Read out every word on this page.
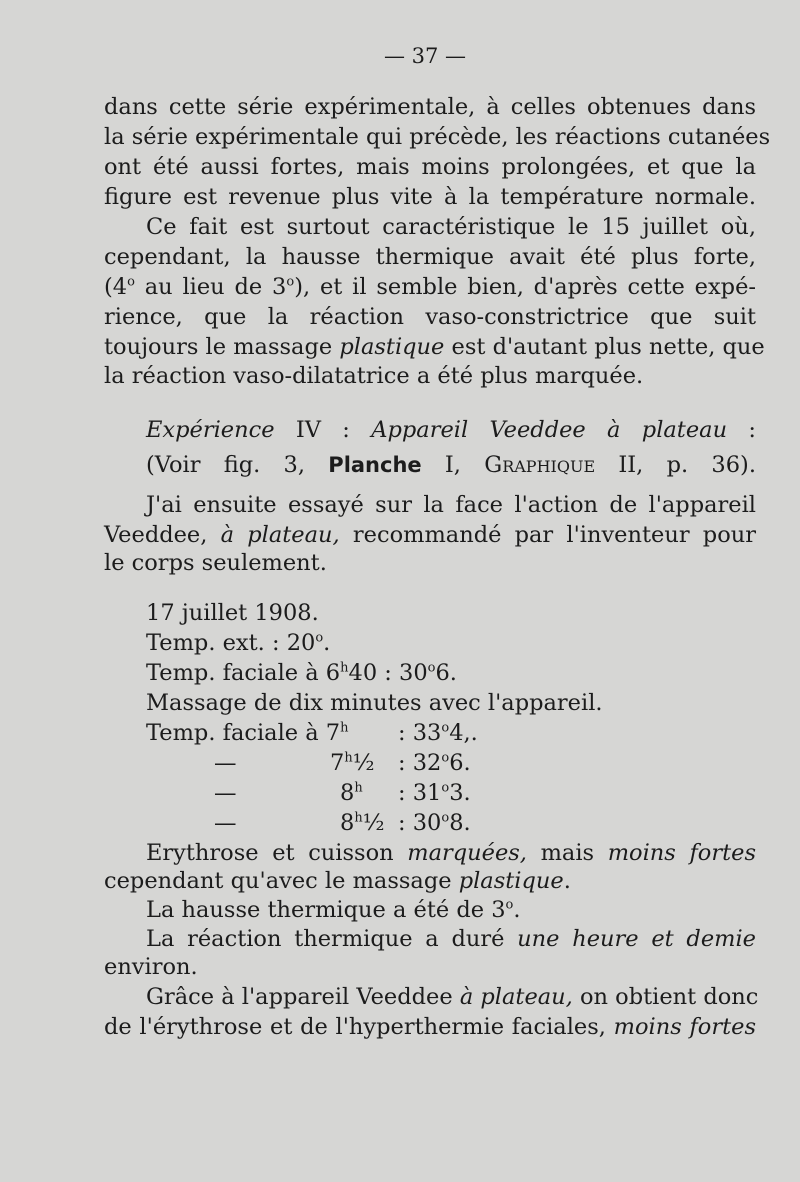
— 37 —
dans cette série expérimentale, à celles obtenues dans
la série expérimentale qui précède, les réactions cutanées
ont été aussi fortes, mais moins prolongées, et que la
figure est revenue plus vite à la température normale.
Ce fait est surtout caractéristique le 15 juillet où,
cependant, la hausse thermique avait été plus forte,
(4$^o$ au lieu de 3$^o$), et il semble bien, d'après cette expé-
rience, que la réaction vaso-constrictrice que suit
toujours le massage plastique est d'autant plus nette, que
la réaction vaso-dilatatrice a été plus marquée.
Expérience IV : Appareil Veeddee à plateau :
(Voir fig. 3, Planche I, Graphique II, p. 36).
J'ai ensuite essayé sur la face l'action de l'appareil
Veeddee, à plateau, recommandé par l'inventeur pour
le corps seulement.
17 juillet 1908.
Temp. ext. : 20$^o$.
Temp. faciale à 6$^h$40 : 30$^o$6.
Massage de dix minutes avec l'appareil.
Temp. faciale à 7$^h$ : 33$^o$4,.
—	7$^h$½ : 32$^o$6.
—	8$^h$ : 31$^o$3.
—	8$^h$½ : 30$^o$8.
Erythrose et cuisson marquées, mais moins fortes
cependant qu'avec le massage plastique.
La hausse thermique a été de 3$^o$.
La réaction thermique a duré une heure et demie
environ.
Grâce à l'appareil Veeddee à plateau, on obtient donc
de l'érythrose et de l'hyperthermie faciales, moins fortes
